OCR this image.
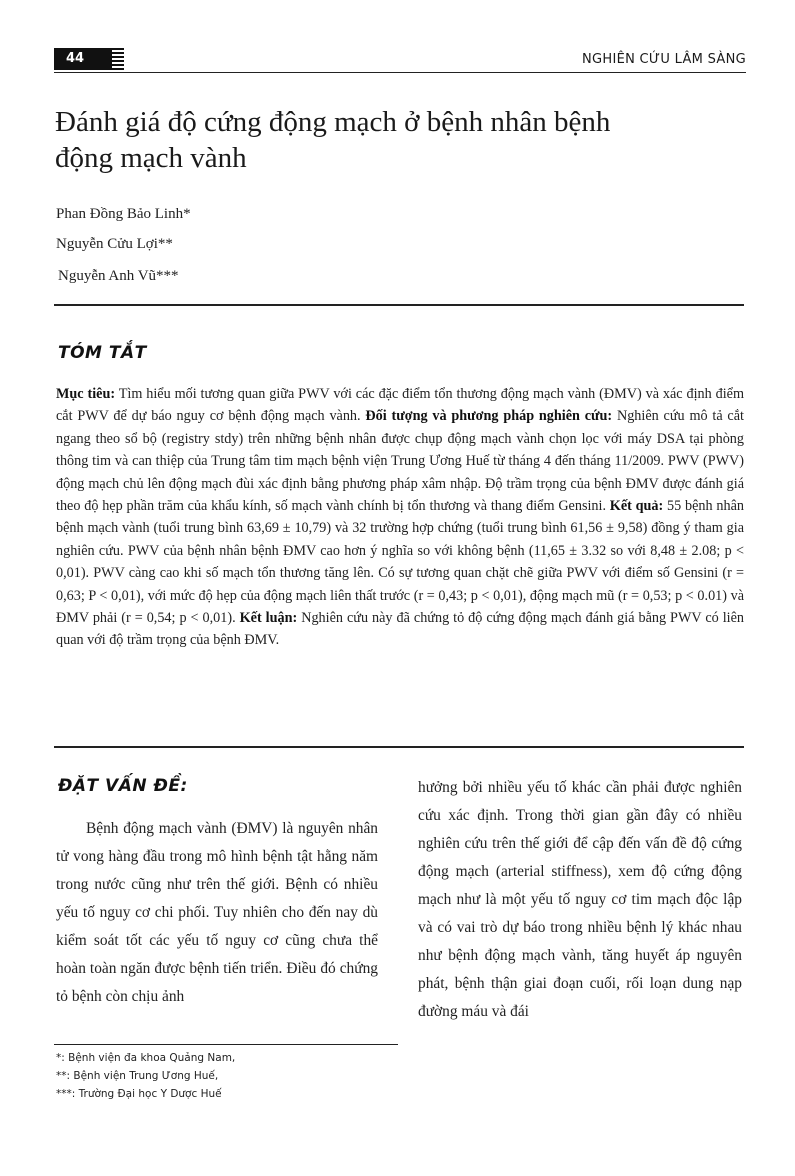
44	NGHIÊN CỨU LÂM SÀNG
Đánh giá độ cứng động mạch ở bệnh nhân bệnh
động mạch vành
Phan Đồng Bảo Linh*
Nguyễn Cửu Lợi**
Nguyễn Anh Vũ***
TÓM TẮT

Mục tiêu: Tìm hiểu mối tương quan giữa PWV với các đặc điểm tổn thương động mạch vành (ĐMV) và xác định điểm cắt PWV để dự báo nguy cơ bệnh động mạch vành. Đối tượng và phương pháp nghiên cứu: Nghiên cứu mô tả cắt ngang theo sổ bộ (registry stdy) trên những bệnh nhân được chụp động mạch vành chọn lọc với máy DSA tại phòng thông tim và can thiệp của Trung tâm tim mạch bệnh viện Trung Ương Huế từ tháng 4 đến tháng 11/2009. PWV (PWV) động mạch chủ lên động mạch đùi xác định bằng phương pháp xâm nhập. Độ trầm trọng của bệnh ĐMV được đánh giá theo độ hẹp phần trăm của khẩu kính, số mạch vành chính bị tổn thương và thang điểm Gensini. Kết quả: 55 bệnh nhân bệnh mạch vành (tuổi trung bình 63,69 ± 10,79) và 32 trường hợp chứng (tuổi trung bình 61,56 ± 9,58) đồng ý tham gia nghiên cứu. PWV của bệnh nhân bệnh ĐMV cao hơn ý nghĩa so với không bệnh (11,65 ± 3.32 so với 8,48 ± 2.08; p < 0,01). PWV càng cao khi số mạch tổn thương tăng lên. Có sự tương quan chặt chẽ giữa PWV với điểm số Gensini (r = 0,63; P < 0,01), với mức độ hẹp của động mạch liên thất trước (r = 0,43; p < 0,01), động mạch mũ (r = 0,53; p < 0.01) và ĐMV phải (r = 0,54; p < 0,01). Kết luận: Nghiên cứu này đã chứng tỏ độ cứng động mạch đánh giá bằng PWV có liên quan với độ trầm trọng của bệnh ĐMV.

ĐẶT VẤN ĐỀ:

Bệnh động mạch vành (ĐMV) là nguyên nhân tử vong hàng đầu trong mô hình bệnh tật hằng năm trong nước cũng như trên thế giới. Bệnh có nhiều yếu tố nguy cơ chi phối. Tuy nhiên cho đến nay dù kiểm soát tốt các yếu tố nguy cơ cũng chưa thể hoàn toàn ngăn được bệnh tiến triển. Điều đó chứng tỏ bệnh còn chịu ảnh

hưởng bởi nhiều yếu tố khác cần phải được nghiên cứu xác định. Trong thời gian gần đây có nhiều nghiên cứu trên thế giới để cập đến vấn đề độ cứng động mạch (arterial stiffness), xem độ cứng động mạch như là một yếu tố nguy cơ tim mạch độc lập và có vai trò dự báo trong nhiều bệnh lý khác nhau như bệnh động mạch vành, tăng huyết áp nguyên phát, bệnh thận giai đoạn cuối, rối loạn dung nạp đường máu và đái

*: Bệnh viện đa khoa Quảng Nam,
**: Bệnh viện Trung Ương Huế,
***: Trường Đại học Y Dược Huế
